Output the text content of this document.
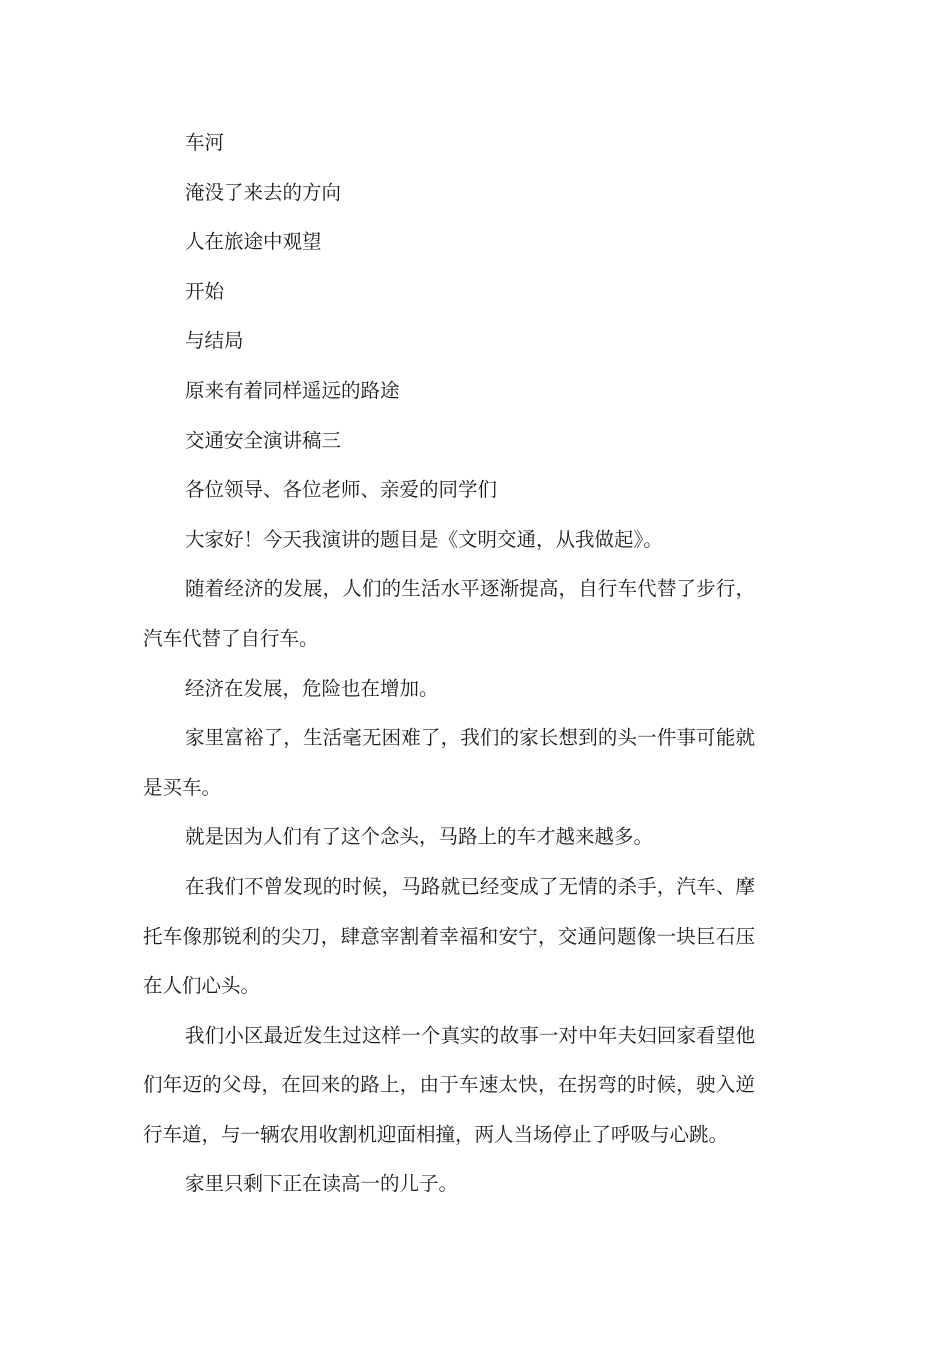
车河

淹没了来去的方向

人在旅途中观望

开始

与结局

原来有着同样遥远的路途

交通安全演讲稿三

各位领导、各位老师、亲爱的同学们

大家好！今天我演讲的题目是《文明交通，从我做起》。

随着经济的发展，人们的生活水平逐渐提高，自行车代替了步行，汽车代替了自行车。

经济在发展，危险也在增加。

家里富裕了，生活毫无困难了，我们的家长想到的头一件事可能就是买车。

就是因为人们有了这个念头，马路上的车才越来越多。

在我们不曾发现的时候，马路就已经变成了无情的杀手，汽车、摩托车像那锐利的尖刀，肆意宰割着幸福和安宁，交通问题像一块巨石压在人们心头。

我们小区最近发生过这样一个真实的故事一对中年夫妇回家看望他们年迈的父母，在回来的路上，由于车速太快，在拐弯的时候，驶入逆行车道，与一辆农用收割机迎面相撞，两人当场停止了呼吸与心跳。

家里只剩下正在读高一的儿子。
